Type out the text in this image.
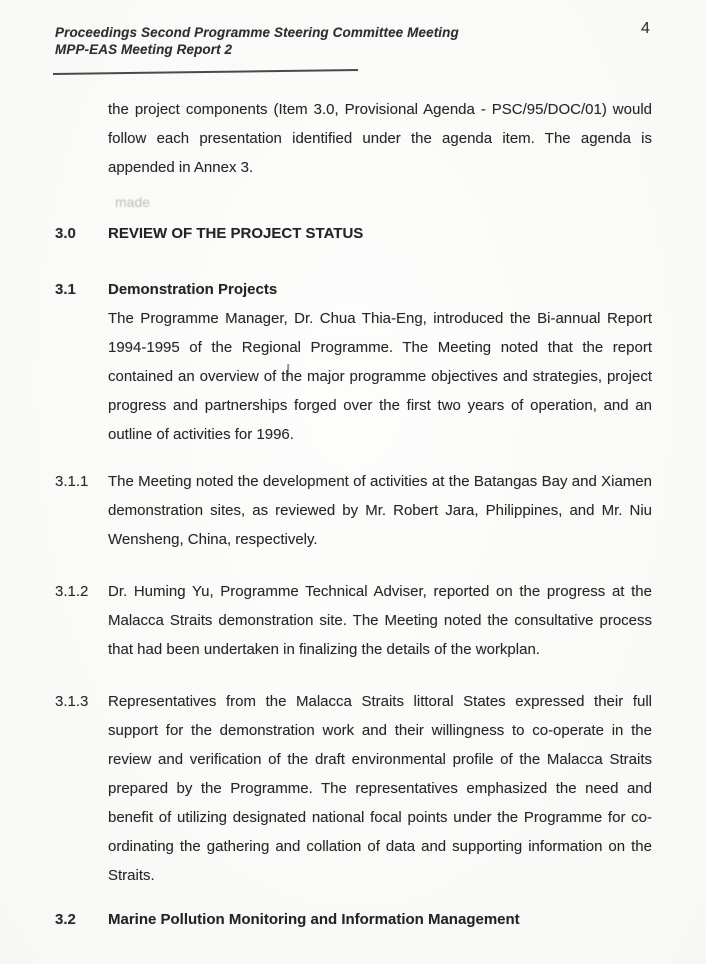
Proceedings Second Programme Steering Committee Meeting
MPP-EAS Meeting Report 2
4
made

the project components (Item 3.0, Provisional Agenda - PSC/95/DOC/01) would follow each presentation identified under the agenda item. The agenda is appended in Annex 3.

3.0	REVIEW OF THE PROJECT STATUS
3.1	Demonstration Projects

The Programme Manager, Dr. Chua Thia-Eng, introduced the Bi-annual Report 1994-1995 of the Regional Programme. The Meeting noted that the report contained an overview of the major programme objectives and strategies, project progress and partnerships forged over the first two years of operation, and an outline of activities for 1996.

3.1.1	The Meeting noted the development of activities at the Batangas Bay and Xiamen demonstration sites, as reviewed by Mr. Robert Jara, Philippines, and Mr. Niu Wensheng, China, respectively.

3.1.2	Dr. Huming Yu, Programme Technical Adviser, reported on the progress at the Malacca Straits demonstration site. The Meeting noted the consultative process that had been undertaken in finalizing the details of the workplan.

3.1.3	Representatives from the Malacca Straits littoral States expressed their full support for the demonstration work and their willingness to co-operate in the review and verification of the draft environmental profile of the Malacca Straits prepared by the Programme. The representatives emphasized the need and benefit of utilizing designated national focal points under the Programme for co-ordinating the gathering and collation of data and supporting information on the Straits.

3.2	Marine Pollution Monitoring and Information Management
